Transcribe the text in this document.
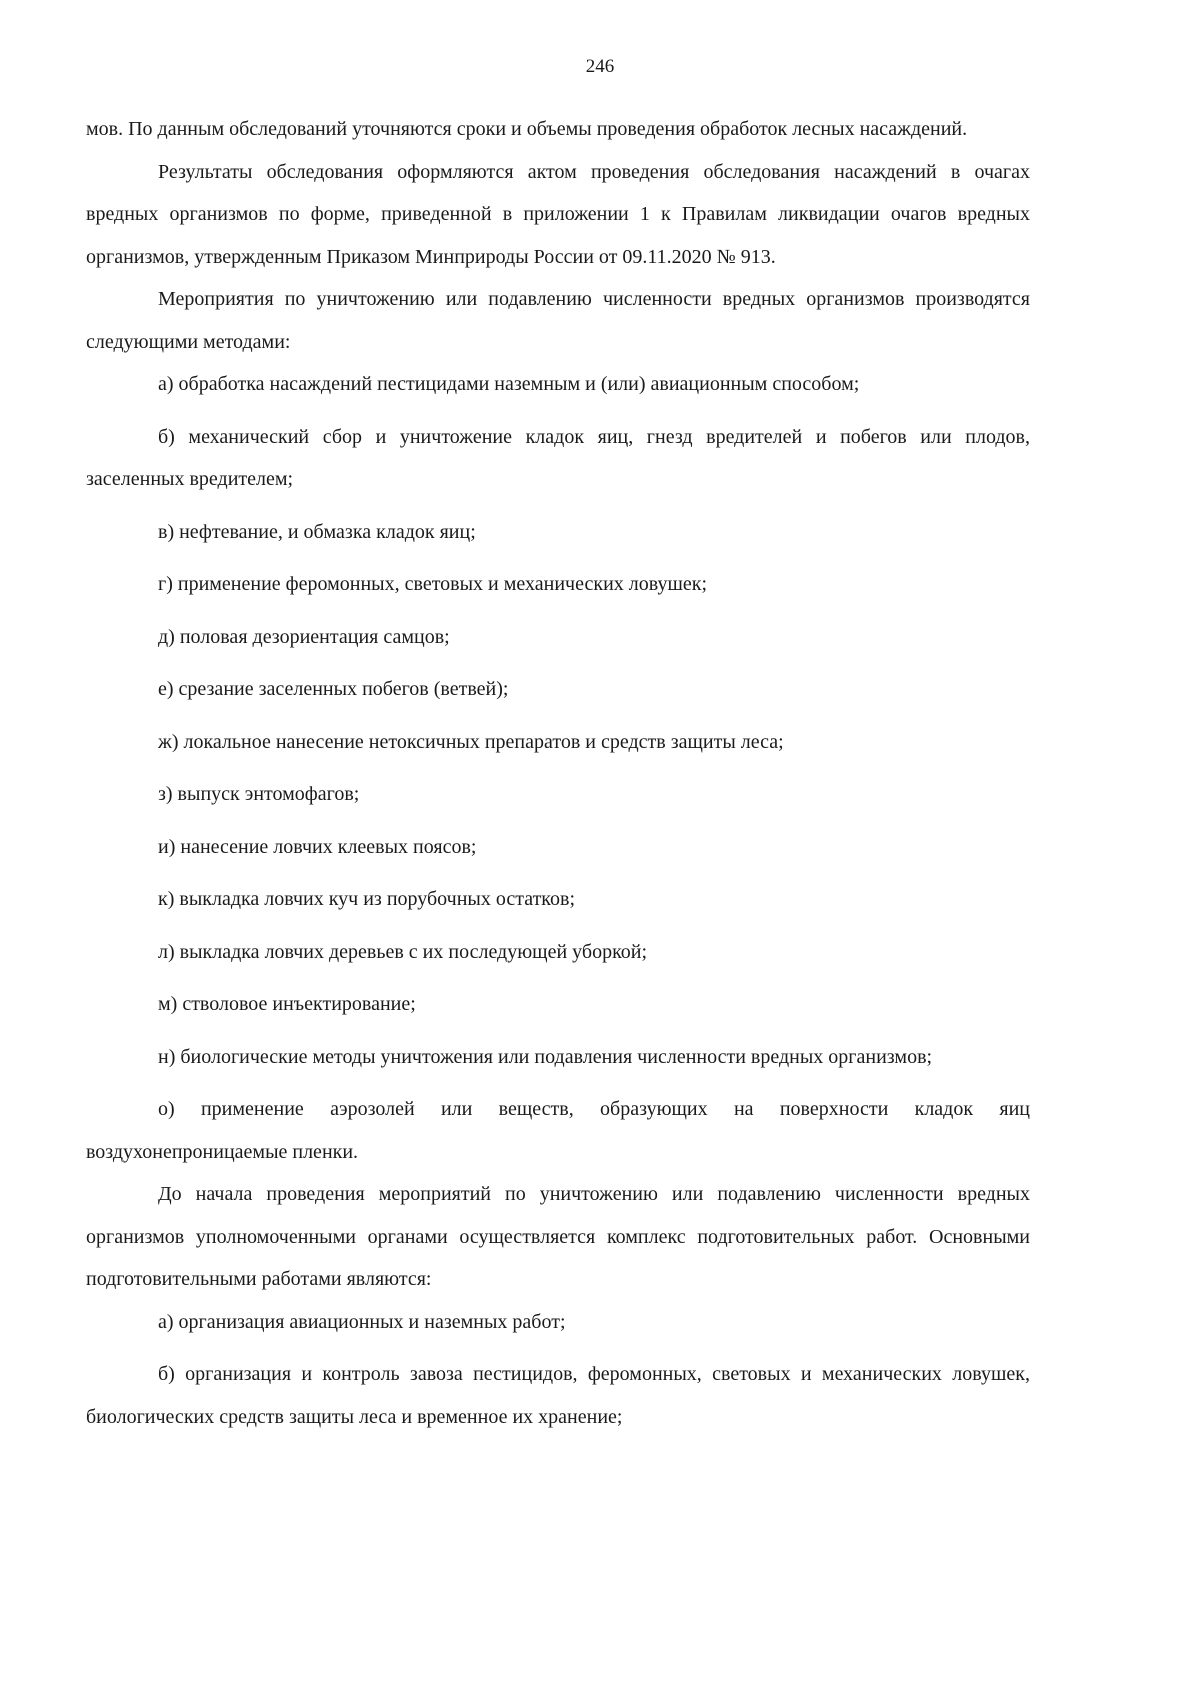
246

мов. По данным обследований уточняются сроки и объемы проведения обработок лесных насаждений.

Результаты обследования оформляются актом проведения обследования насаждений в очагах вредных организмов по форме, приведенной в приложении 1 к Правилам ликвидации очагов вредных организмов, утвержденным Приказом Минприроды России от 09.11.2020 № 913.

Мероприятия по уничтожению или подавлению численности вредных организмов производятся следующими методами:

а) обработка насаждений пестицидами наземным и (или) авиационным способом;

б) механический сбор и уничтожение кладок яиц, гнезд вредителей и побегов или плодов, заселенных вредителем;

в) нефтевание, и обмазка кладок яиц;

г) применение феромонных, световых и механических ловушек;

д) половая дезориентация самцов;

е) срезание заселенных побегов (ветвей);

ж) локальное нанесение нетоксичных препаратов и средств защиты леса;

з) выпуск энтомофагов;

и) нанесение ловчих клеевых поясов;

к) выкладка ловчих куч из порубочных остатков;

л) выкладка ловчих деревьев с их последующей уборкой;

м) стволовое инъектирование;

н) биологические методы уничтожения или подавления численности вредных организмов;

о) применение аэрозолей или веществ, образующих на поверхности кладок яиц воздухонепроницаемые пленки.

До начала проведения мероприятий по уничтожению или подавлению численности вредных организмов уполномоченными органами осуществляется комплекс подготовительных работ. Основными подготовительными работами являются:

а) организация авиационных и наземных работ;

б) организация и контроль завоза пестицидов, феромонных, световых и механических ловушек, биологических средств защиты леса и временное их хранение;
